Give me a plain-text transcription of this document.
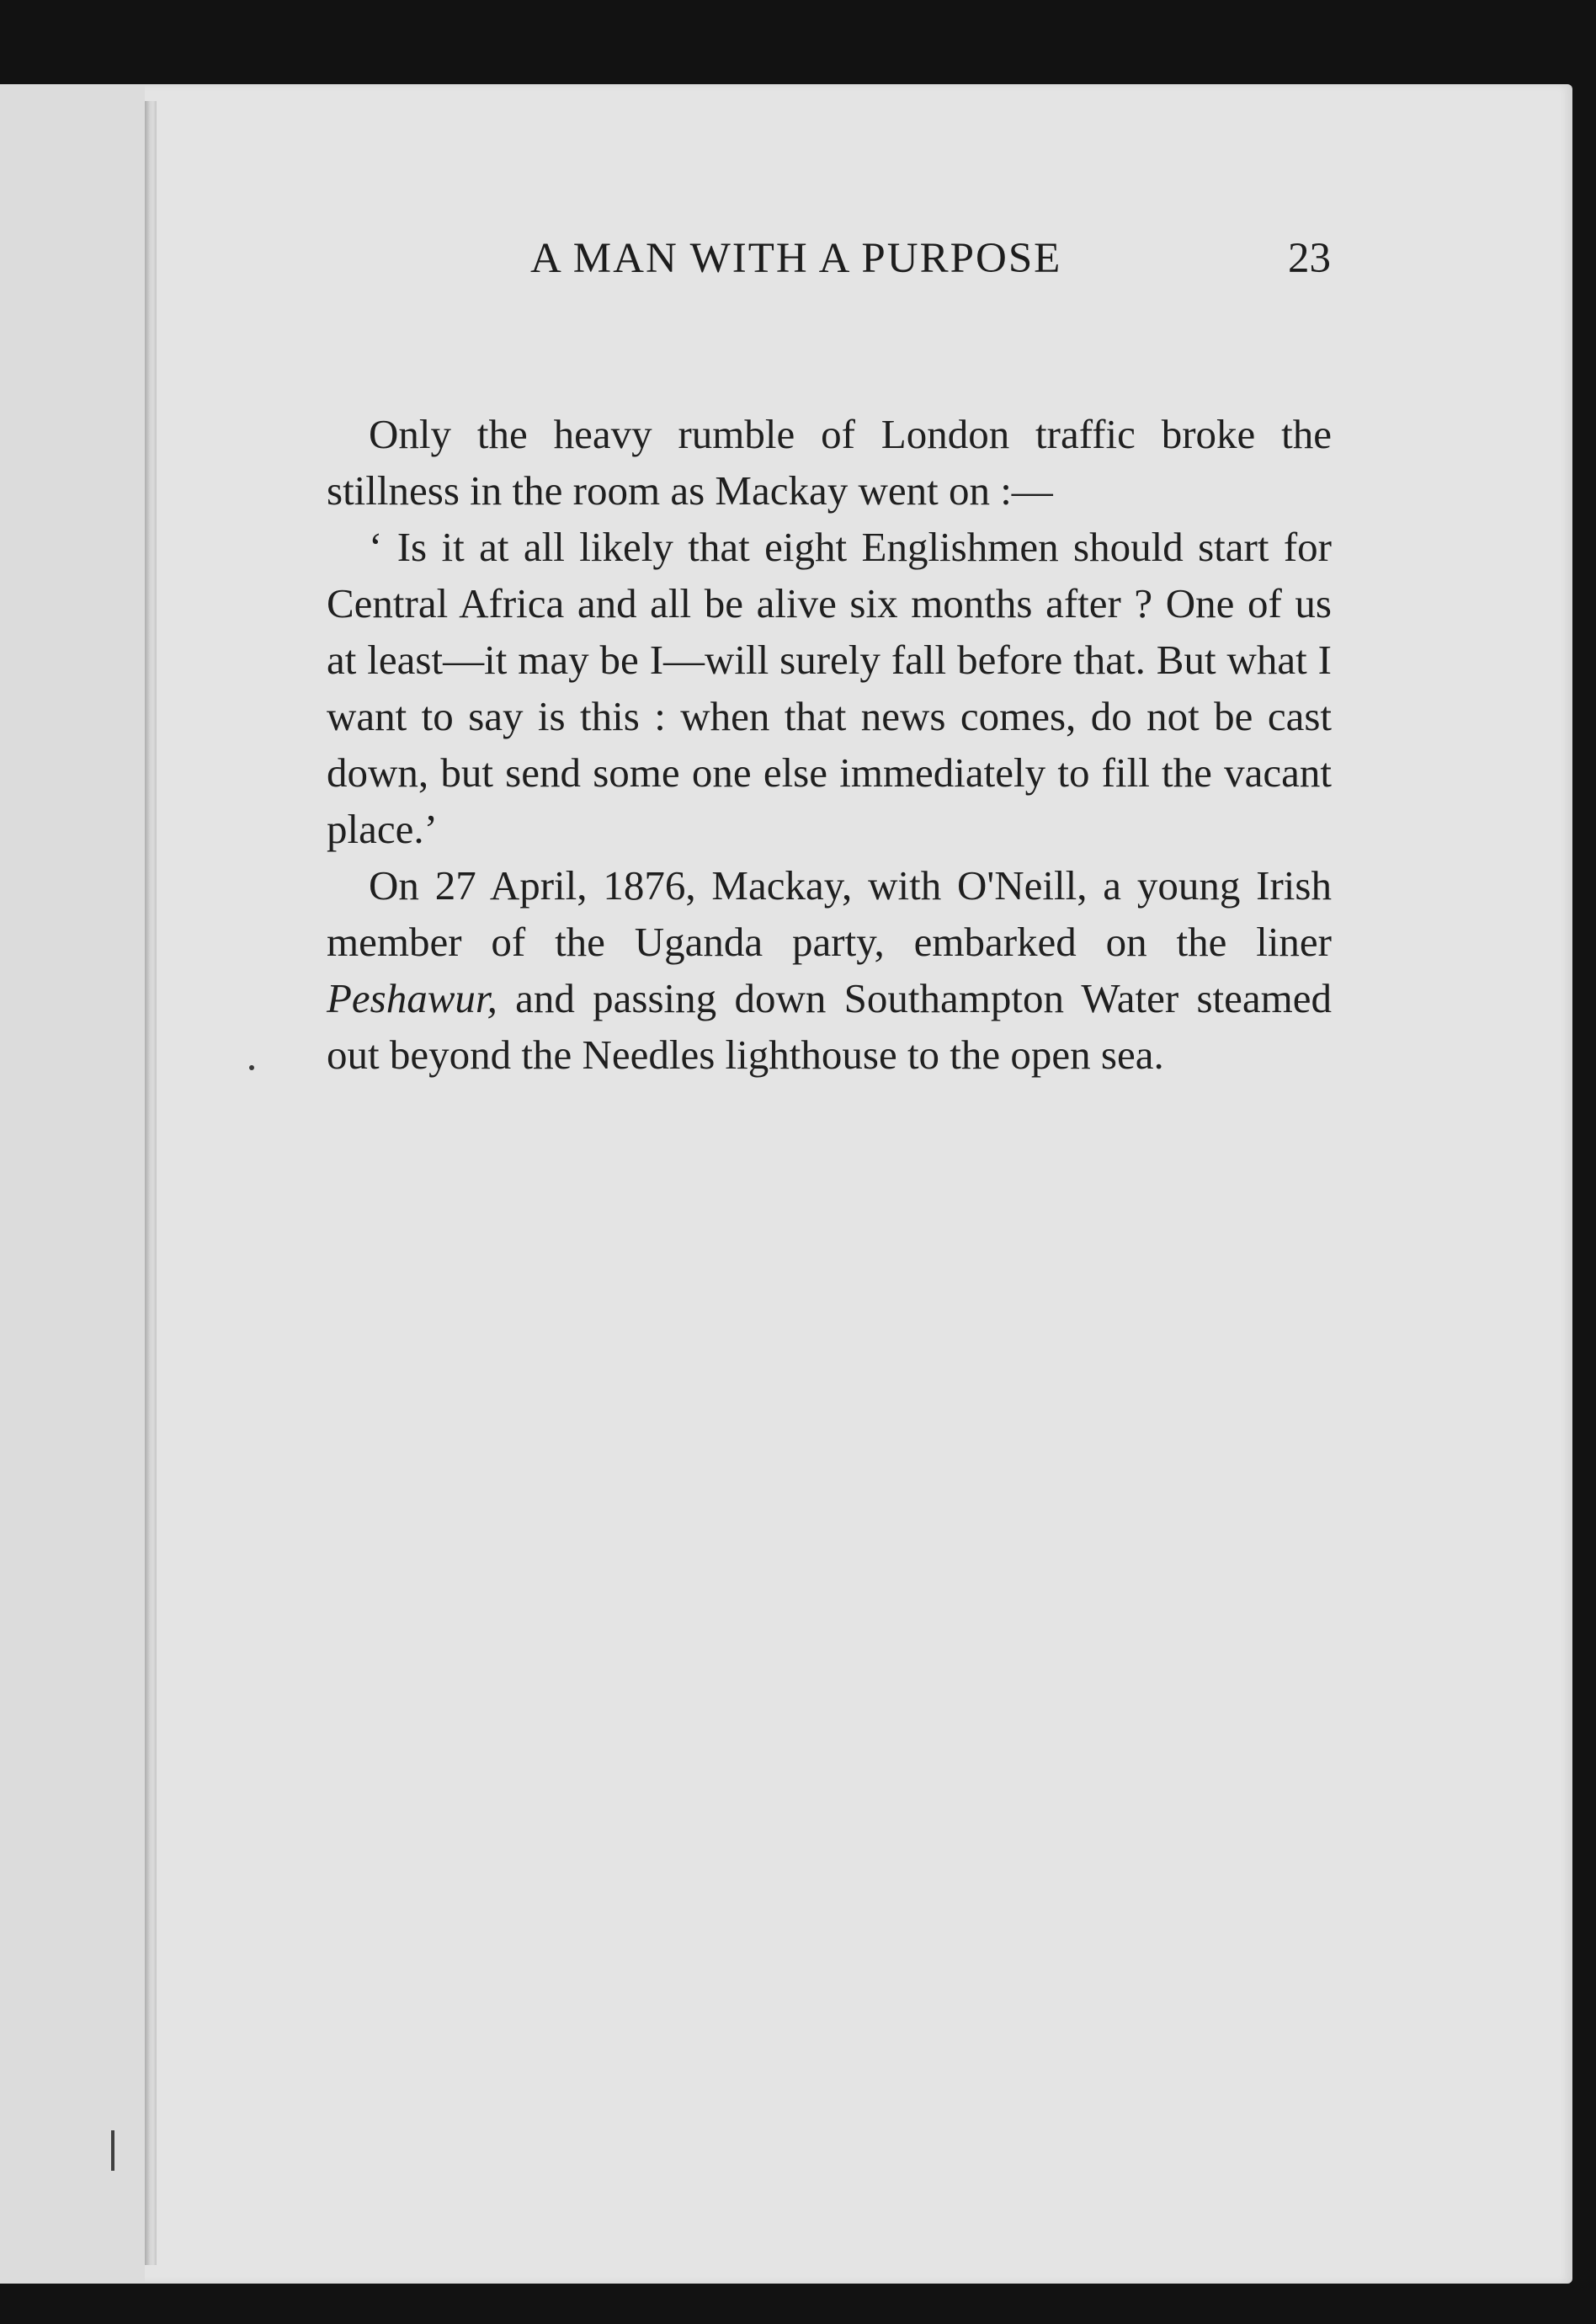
A MAN WITH A PURPOSE	23

Only the heavy rumble of London traffic broke the stillness in the room as Mackay went on :—

‘ Is it at all likely that eight Englishmen should start for Central Africa and all be alive six months after ? One of us at least—it may be I—will surely fall before that. But what I want to say is this : when that news comes, do not be cast down, but send some one else immediately to fill the vacant place.’

On 27 April, 1876, Mackay, with O'Neill, a young Irish member of the Uganda party, embarked on the liner Peshawur, and passing down Southampton Water steamed out beyond the Needles lighthouse to the open sea.
